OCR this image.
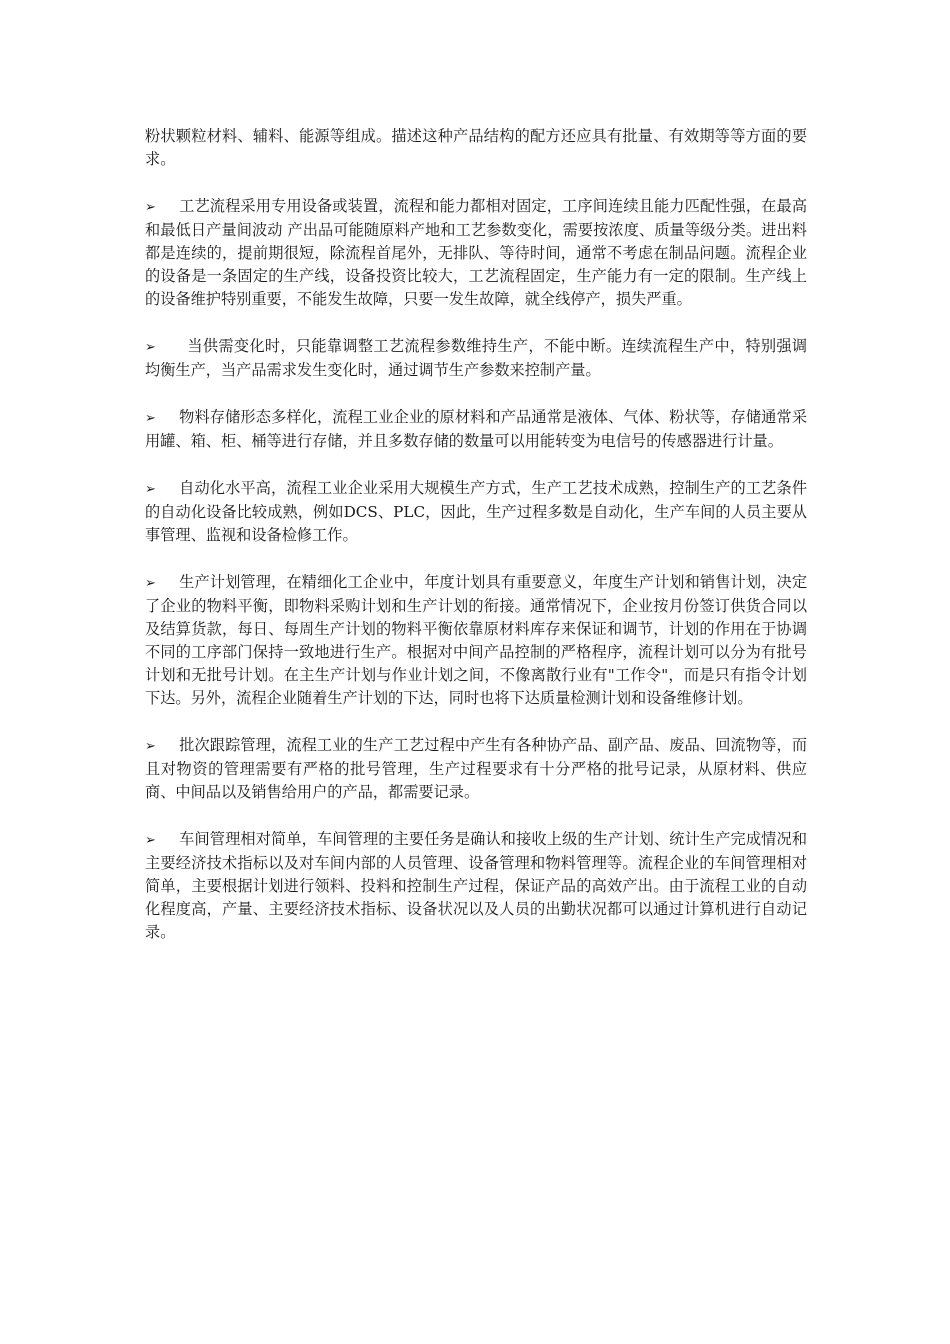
粉状颗粒材料、辅料、能源等组成。描述这种产品结构的配方还应具有批量、有效期等等方面的要求。

➢ 工艺流程采用专用设备或装置，流程和能力都相对固定，工序间连续且能力匹配性强，在最高和最低日产量间波动 产出品可能随原料产地和工艺参数变化，需要按浓度、质量等级分类。进出料都是连续的，提前期很短，除流程首尾外，无排队、等待时间，通常不考虑在制品问题。流程企业的设备是一条固定的生产线，设备投资比较大，工艺流程固定，生产能力有一定的限制。生产线上的设备维护特别重要，不能发生故障，只要一发生故障，就全线停产，损失严重。

➢ 当供需变化时，只能靠调整工艺流程参数维持生产，不能中断。连续流程生产中，特别强调均衡生产，当产品需求发生变化时，通过调节生产参数来控制产量。

➢ 物料存储形态多样化，流程工业企业的原材料和产品通常是液体、气体、粉状等，存储通常采用罐、箱、柜、桶等进行存储，并且多数存储的数量可以用能转变为电信号的传感器进行计量。

➢ 自动化水平高，流程工业企业采用大规模生产方式，生产工艺技术成熟，控制生产的工艺条件的自动化设备比较成熟，例如DCS、PLC，因此，生产过程多数是自动化，生产车间的人员主要从事管理、监视和设备检修工作。

➢ 生产计划管理，在精细化工企业中，年度计划具有重要意义，年度生产计划和销售计划，决定了企业的物料平衡，即物料采购计划和生产计划的衔接。通常情况下，企业按月份签订供货合同以及结算货款，每日、每周生产计划的物料平衡依靠原材料库存来保证和调节，计划的作用在于协调不同的工序部门保持一致地进行生产。根据对中间产品控制的严格程序，流程计划可以分为有批号计划和无批号计划。在主生产计划与作业计划之间，不像离散行业有"工作令"，而是只有指令计划下达。另外，流程企业随着生产计划的下达，同时也将下达质量检测计划和设备维修计划。

➢ 批次跟踪管理，流程工业的生产工艺过程中产生有各种协产品、副产品、废品、回流物等，而且对物资的管理需要有严格的批号管理，生产过程要求有十分严格的批号记录，从原材料、供应商、中间品以及销售给用户的产品，都需要记录。

➢ 车间管理相对简单，车间管理的主要任务是确认和接收上级的生产计划、统计生产完成情况和主要经济技术指标以及对车间内部的人员管理、设备管理和物料管理等。流程企业的车间管理相对简单，主要根据计划进行领料、投料和控制生产过程，保证产品的高效产出。由于流程工业的自动化程度高，产量、主要经济技术指标、设备状况以及人员的出勤状况都可以通过计算机进行自动记录。
